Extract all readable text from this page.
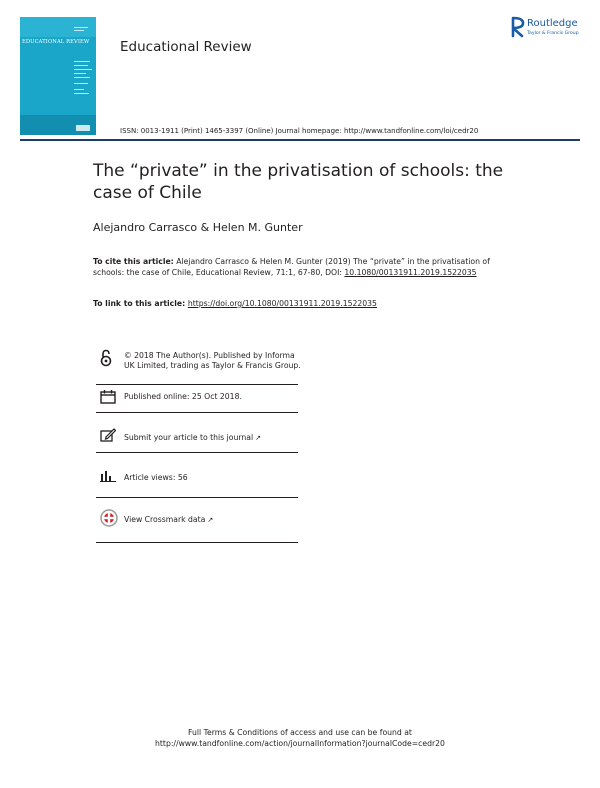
EDUCATIONAL REVIEW	Educational Review
Routledge
Taylor & Francis Group
ISSN: 0013-1911 (Print) 1465-3397 (Online) Journal homepage: http://www.tandfonline.com/loi/cedr20
The “private” in the privatisation of schools: the case of Chile
Alejandro Carrasco & Helen M. Gunter
To cite this article: Alejandro Carrasco & Helen M. Gunter (2019) The “private” in the privatisation of schools: the case of Chile, Educational Review, 71:1, 67-80, DOI: 10.1080/00131911.2019.1522035
To link to this article: https://doi.org/10.1080/00131911.2019.1522035
© 2018 The Author(s). Published by Informa UK Limited, trading as Taylor & Francis Group.
Published online: 25 Oct 2018.
Submit your article to this journal ↗
Article views: 56
View Crossmark data ↗
Full Terms & Conditions of access and use can be found at
http://www.tandfonline.com/action/journalInformation?journalCode=cedr20
